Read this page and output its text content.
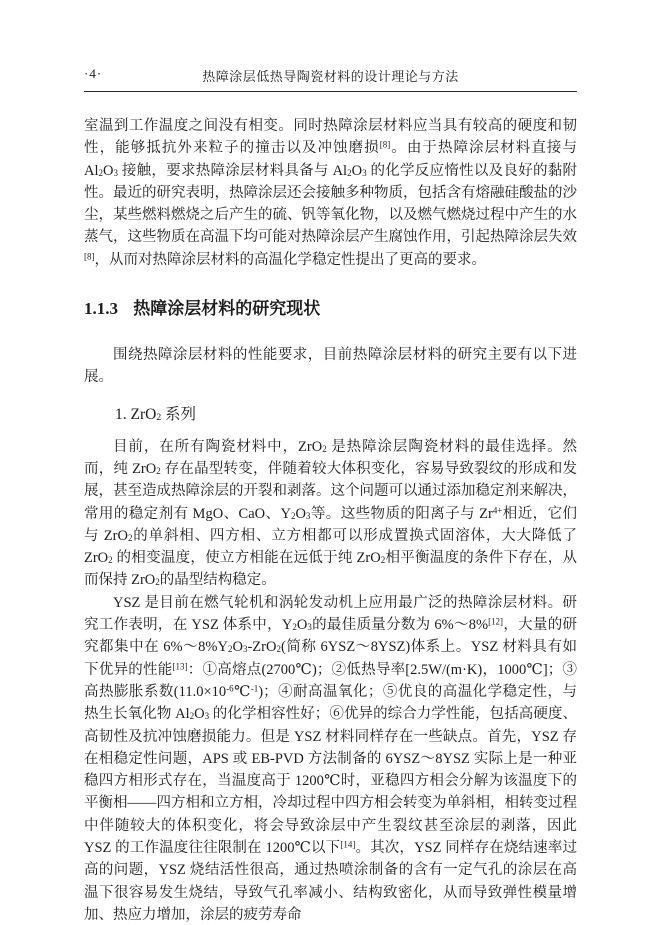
·4·	热障涂层低热导陶瓷材料的设计理论与方法

室温到工作温度之间没有相变。同时热障涂层材料应当具有较高的硬度和韧性，能够抵抗外来粒子的撞击以及冲蚀磨损[8]。由于热障涂层材料直接与 $Al_2O_3$ 接触，要求热障涂层材料具备与 $Al_2O_3$ 的化学反应惰性以及良好的黏附性。最近的研究表明，热障涂层还会接触多种物质，包括含有熔融硅酸盐的沙尘，某些燃料燃烧之后产生的硫、钒等氧化物，以及燃气燃烧过程中产生的水蒸气，这些物质在高温下均可能对热障涂层产生腐蚀作用，引起热障涂层失效[8]，从而对热障涂层材料的高温化学稳定性提出了更高的要求。

1.1.3 热障涂层材料的研究现状

围绕热障涂层材料的性能要求，目前热障涂层材料的研究主要有以下进展。

1. ZrO$_2$ 系列

目前，在所有陶瓷材料中，ZrO$_2$ 是热障涂层陶瓷材料的最佳选择。然而，纯 ZrO$_2$ 存在晶型转变，伴随着较大体积变化，容易导致裂纹的形成和发展，甚至造成热障涂层的开裂和剥落。这个问题可以通过添加稳定剂来解决，常用的稳定剂有 MgO、CaO、$Y_2O_3$等。这些物质的阳离子与 $Zr^{4+}$相近，它们与 ZrO$_2$的单斜相、四方相、立方相都可以形成置换式固溶体，大大降低了 ZrO$_2$ 的相变温度，使立方相能在远低于纯 ZrO$_2$相平衡温度的条件下存在，从而保持 ZrO$_2$的晶型结构稳定。

YSZ 是目前在燃气轮机和涡轮发动机上应用最广泛的热障涂层材料。研究工作表明，在 YSZ 体系中，$Y_2O_3$的最佳质量分数为 6%～8%[12]，大量的研究都集中在 $6\%\sim 8\%Y_2O_3-ZrO_2$(简称 6YSZ～8YSZ)体系上。YSZ 材料具有如下优异的性能[13]：①高熔点(2700℃)；②低热导率[2.5W/(m·K)，1000℃]；③高热膨胀系数$(11.0\times 10^{-6}℃^{-1})$；④耐高温氧化；⑤优良的高温化学稳定性，与热生长氧化物 $Al_2O_3$ 的化学相容性好；⑥优异的综合力学性能，包括高硬度、高韧性及抗冲蚀磨损能力。但是 YSZ 材料同样存在一些缺点。首先，YSZ 存在相稳定性问题，APS 或 EB-PVD 方法制备的 6YSZ～8YSZ 实际上是一种亚稳四方相形式存在，当温度高于 1200℃时，亚稳四方相会分解为该温度下的平衡相——四方相和立方相，冷却过程中四方相会转变为单斜相，相转变过程中伴随较大的体积变化，将会导致涂层中产生裂纹甚至涂层的剥落，因此 YSZ 的工作温度往往限制在 1200℃以下[14]。其次，YSZ 同样存在烧结速率过高的问题，YSZ 烧结活性很高，通过热喷涂制备的含有一定气孔的涂层在高温下很容易发生烧结，导致气孔率减小、结构致密化，从而导致弹性模量增加、热应力增加，涂层的疲劳寿命
